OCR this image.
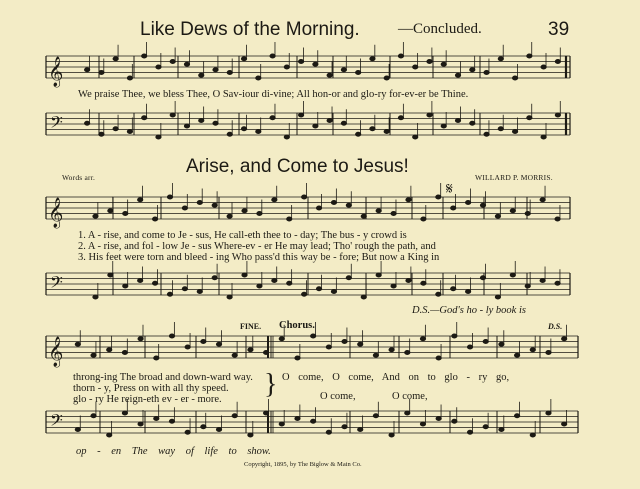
Like Dews of the Morning.	—Concluded.	39
𝄞
𝄢
𝄞
𝄢
𝄞
𝄢
We praise Thee, we bless Thee, O Sav-iour di-vine; All hon-or and glo-ry for-ev-er be Thine.
Arise, and Come to Jesus!
Words arr.	WILLARD P. MORRIS.
𝄋
1. A - rise, and come to Je - sus, He call-eth thee to - day; The bus - y crowd is
2. A - rise, and fol - low Je - sus Where-ev - er He may lead; Tho' rough the path, and
3. His feet were torn and bleed - ing Who pass'd this way be - fore; But now a King in
D.S.—God's ho - ly book is
FINE. Chorus.	D.S.
throng-ing The broad and down-ward way.
thorn - y, Press on with all thy speed.
glo - ry He reign-eth ev - er - more. } O come, O come, And on to glo - ry go,
O come,	O come,
op - en The way of life to show.
Copyright, 1895, by The Biglow & Main Co.
